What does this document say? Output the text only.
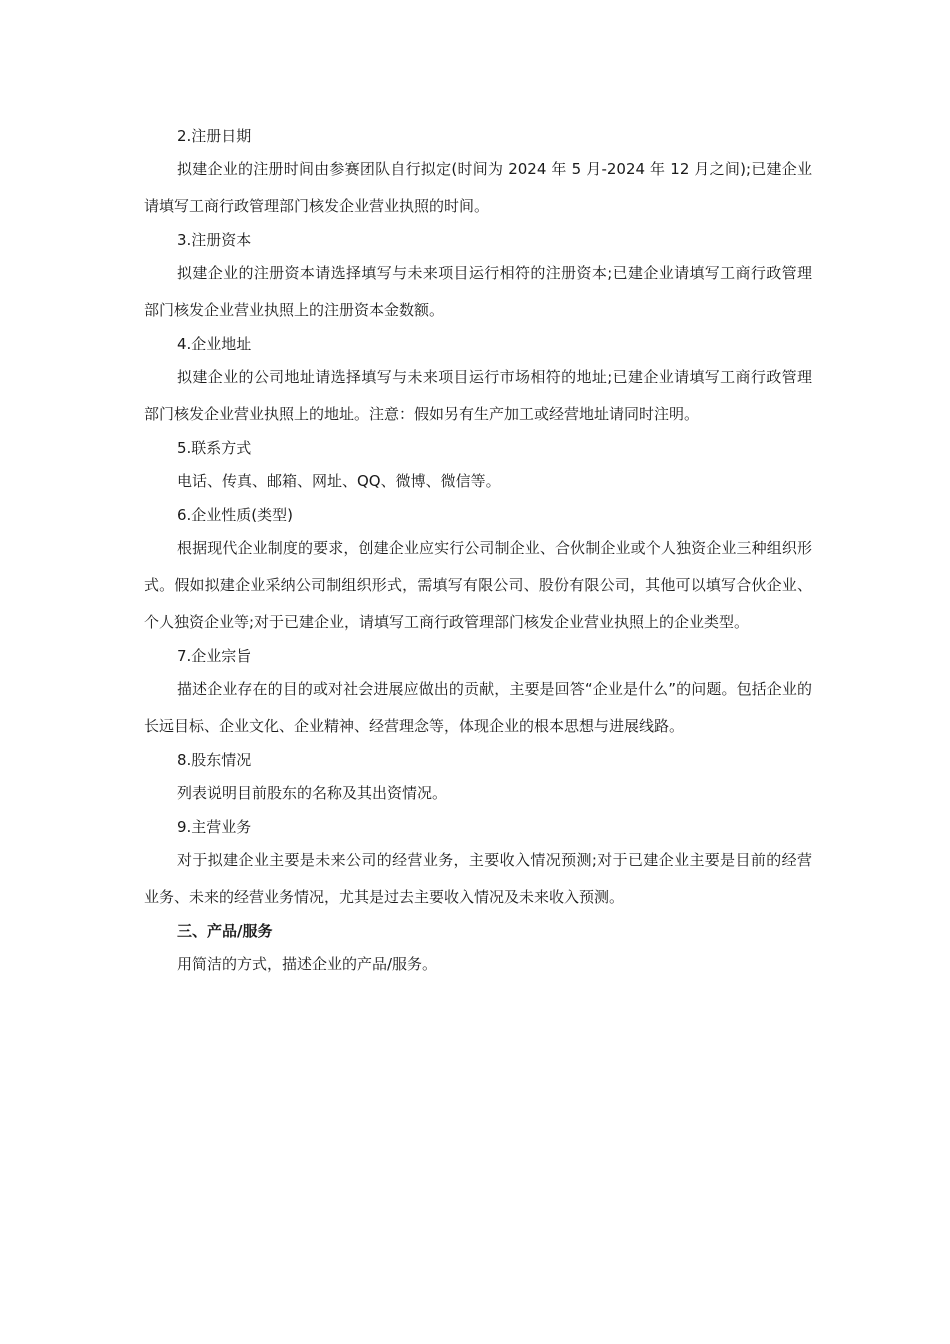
2.注册日期

拟建企业的注册时间由参赛团队自行拟定(时间为 2024 年 5 月-2024 年 12 月之间);已建企业请填写工商行政管理部门核发企业营业执照的时间。

3.注册资本

拟建企业的注册资本请选择填写与未来项目运行相符的注册资本;已建企业请填写工商行政管理部门核发企业营业执照上的注册资本金数额。

4.企业地址

拟建企业的公司地址请选择填写与未来项目运行市场相符的地址;已建企业请填写工商行政管理部门核发企业营业执照上的地址。注意：假如另有生产加工或经营地址请同时注明。

5.联系方式

电话、传真、邮箱、网址、QQ、微博、微信等。

6.企业性质(类型)

根据现代企业制度的要求，创建企业应实行公司制企业、合伙制企业或个人独资企业三种组织形式。假如拟建企业采纳公司制组织形式，需填写有限公司、股份有限公司，其他可以填写合伙企业、个人独资企业等;对于已建企业，请填写工商行政管理部门核发企业营业执照上的企业类型。

7.企业宗旨

描述企业存在的目的或对社会进展应做出的贡献，主要是回答“企业是什么”的问题。包括企业的长远目标、企业文化、企业精神、经营理念等，体现企业的根本思想与进展线路。

8.股东情况

列表说明目前股东的名称及其出资情况。

9.主营业务

对于拟建企业主要是未来公司的经营业务，主要收入情况预测;对于已建企业主要是目前的经营业务、未来的经营业务情况，尤其是过去主要收入情况及未来收入预测。

三、产品/服务

用简洁的方式，描述企业的产品/服务。
